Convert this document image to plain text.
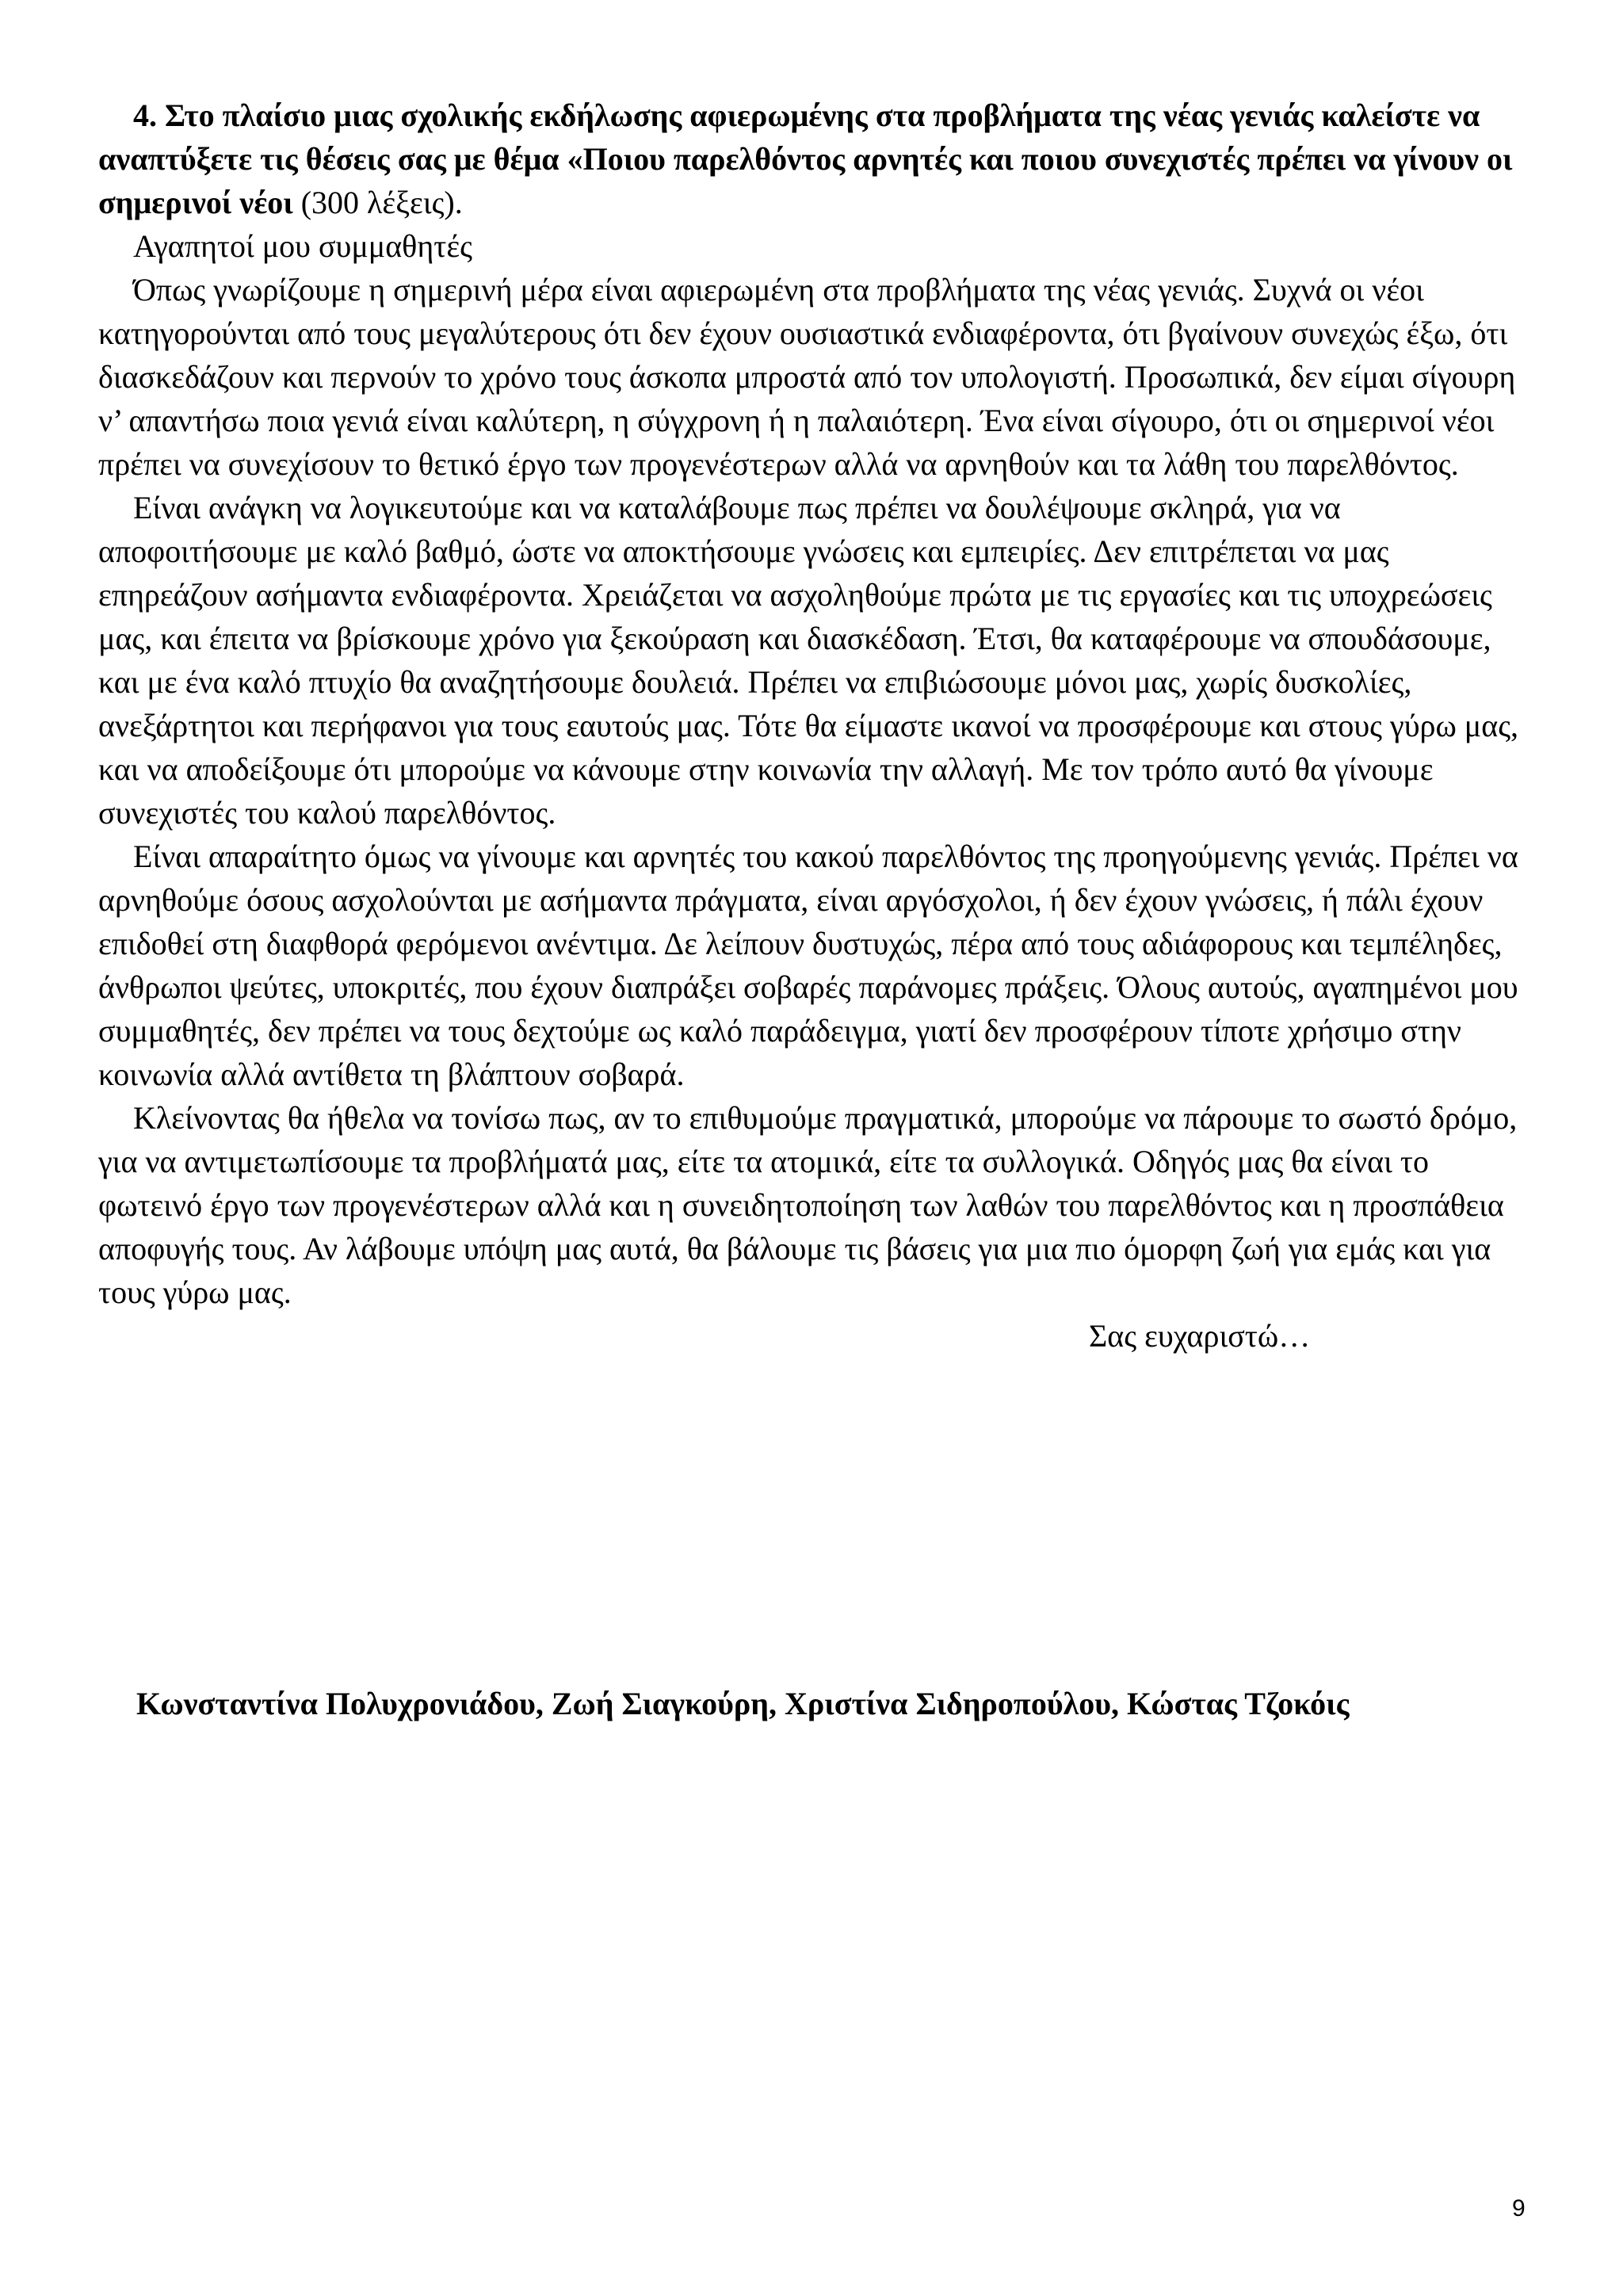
4. Στο πλαίσιο μιας σχολικής εκδήλωσης αφιερωμένης στα προβλήματα της νέας γενιάς καλείστε να αναπτύξετε τις θέσεις σας με θέμα «Ποιου παρελθόντος αρνητές και ποιου συνεχιστές πρέπει να γίνουν οι σημερινοί νέοι (300 λέξεις).

Αγαπητοί μου συμμαθητές

Όπως γνωρίζουμε η σημερινή μέρα είναι αφιερωμένη στα προβλήματα της νέας γενιάς. Συχνά οι νέοι κατηγορούνται από τους μεγαλύτερους ότι δεν έχουν ουσιαστικά ενδιαφέροντα, ότι βγαίνουν συνεχώς έξω, ότι διασκεδάζουν και περνούν το χρόνο τους άσκοπα μπροστά από τον υπολογιστή. Προσωπικά, δεν είμαι σίγουρη ν’ απαντήσω ποια γενιά είναι καλύτερη, η σύγχρονη ή η παλαιότερη. Ένα είναι σίγουρο, ότι οι σημερινοί νέοι πρέπει να συνεχίσουν το θετικό έργο των προγενέστερων αλλά να αρνηθούν και τα λάθη του παρελθόντος.

Είναι ανάγκη να λογικευτούμε και να καταλάβουμε πως πρέπει να δουλέψουμε σκληρά, για να αποφοιτήσουμε με καλό βαθμό, ώστε να αποκτήσουμε γνώσεις και εμπειρίες. Δεν επιτρέπεται να μας επηρεάζουν ασήμαντα ενδιαφέροντα. Χρειάζεται να ασχοληθούμε πρώτα με τις εργασίες και τις υποχρεώσεις μας, και έπειτα να βρίσκουμε χρόνο για ξεκούραση και διασκέδαση. Έτσι, θα καταφέρουμε να σπουδάσουμε, και με ένα καλό πτυχίο θα αναζητήσουμε δουλειά. Πρέπει να επιβιώσουμε μόνοι μας, χωρίς δυσκολίες, ανεξάρτητοι και περήφανοι για τους εαυτούς μας. Τότε θα είμαστε ικανοί να προσφέρουμε και στους γύρω μας, και να αποδείξουμε ότι μπορούμε να κάνουμε στην κοινωνία την αλλαγή. Με τον τρόπο αυτό θα γίνουμε συνεχιστές του καλού παρελθόντος.

Είναι απαραίτητο όμως να γίνουμε και αρνητές του κακού παρελθόντος της προηγούμενης γενιάς. Πρέπει να αρνηθούμε όσους ασχολούνται με ασήμαντα πράγματα, είναι αργόσχολοι, ή δεν έχουν γνώσεις, ή πάλι έχουν επιδοθεί στη διαφθορά φερόμενοι ανέντιμα. Δε λείπουν δυστυχώς, πέρα από τους αδιάφορους και τεμπέληδες, άνθρωποι ψεύτες, υποκριτές, που έχουν διαπράξει σοβαρές παράνομες πράξεις. Όλους αυτούς, αγαπημένοι μου συμμαθητές, δεν πρέπει να τους δεχτούμε ως καλό παράδειγμα, γιατί δεν προσφέρουν τίποτε χρήσιμο στην κοινωνία αλλά αντίθετα τη βλάπτουν σοβαρά.

Κλείνοντας θα ήθελα να τονίσω πως, αν το επιθυμούμε πραγματικά, μπορούμε να πάρουμε το σωστό δρόμο, για να αντιμετωπίσουμε τα προβλήματά μας, είτε τα ατομικά, είτε τα συλλογικά. Οδηγός μας θα είναι το φωτεινό έργο των προγενέστερων αλλά και η συνειδητοποίηση των λαθών του παρελθόντος και η προσπάθεια αποφυγής τους. Αν λάβουμε υπόψη μας αυτά, θα βάλουμε τις βάσεις για μια πιο όμορφη ζωή για εμάς και για τους γύρω μας.

Σας ευχαριστώ…

Κωνσταντίνα Πολυχρονιάδου, Ζωή Σιαγκούρη, Χριστίνα Σιδηροπούλου, Κώστας Τζοκόις
9
